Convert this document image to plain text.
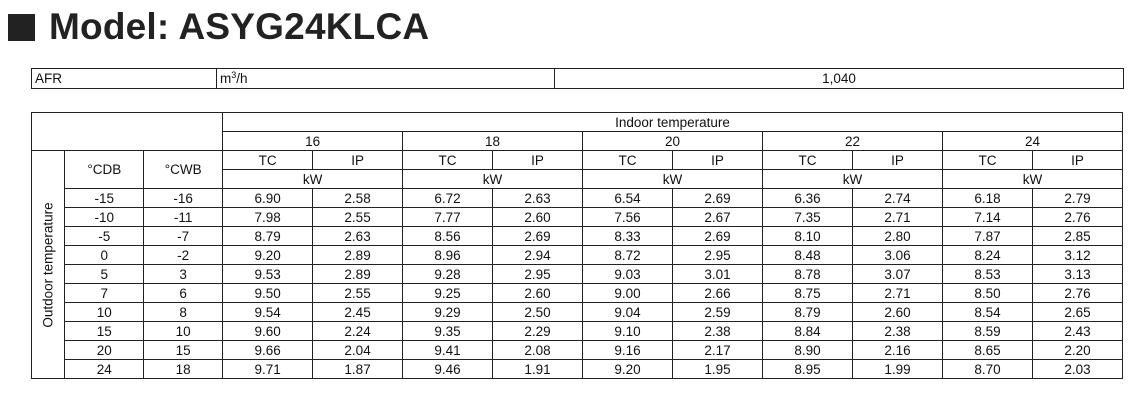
Model: ASYG24KLCA
AFR	$m^3/h$	1,040
			Indoor temperature									
			16		18		20		22		24	

Outdoor temperature	°CDB	°CWB	TC	IP	TC	IP	TC	IP	TC	IP	TC	IP
			kW		kW		kW		kW		kW	
	-15	-16	6.90	2.58	6.72	2.63	6.54	2.69	6.36	2.74	6.18	2.79
	-10	-11	7.98	2.55	7.77	2.60	7.56	2.67	7.35	2.71	7.14	2.76
	-5	-7	8.79	2.63	8.56	2.69	8.33	2.69	8.10	2.80	7.87	2.85
	0	-2	9.20	2.89	8.96	2.94	8.72	2.95	8.48	3.06	8.24	3.12
	5	3	9.53	2.89	9.28	2.95	9.03	3.01	8.78	3.07	8.53	3.13
	7	6	9.50	2.55	9.25	2.60	9.00	2.66	8.75	2.71	8.50	2.76
	10	8	9.54	2.45	9.29	2.50	9.04	2.59	8.79	2.60	8.54	2.65
	15	10	9.60	2.24	9.35	2.29	9.10	2.38	8.84	2.38	8.59	2.43
	20	15	9.66	2.04	9.41	2.08	9.16	2.17	8.90	2.16	8.65	2.20
	24	18	9.71	1.87	9.46	1.91	9.20	1.95	8.95	1.99	8.70	2.03
